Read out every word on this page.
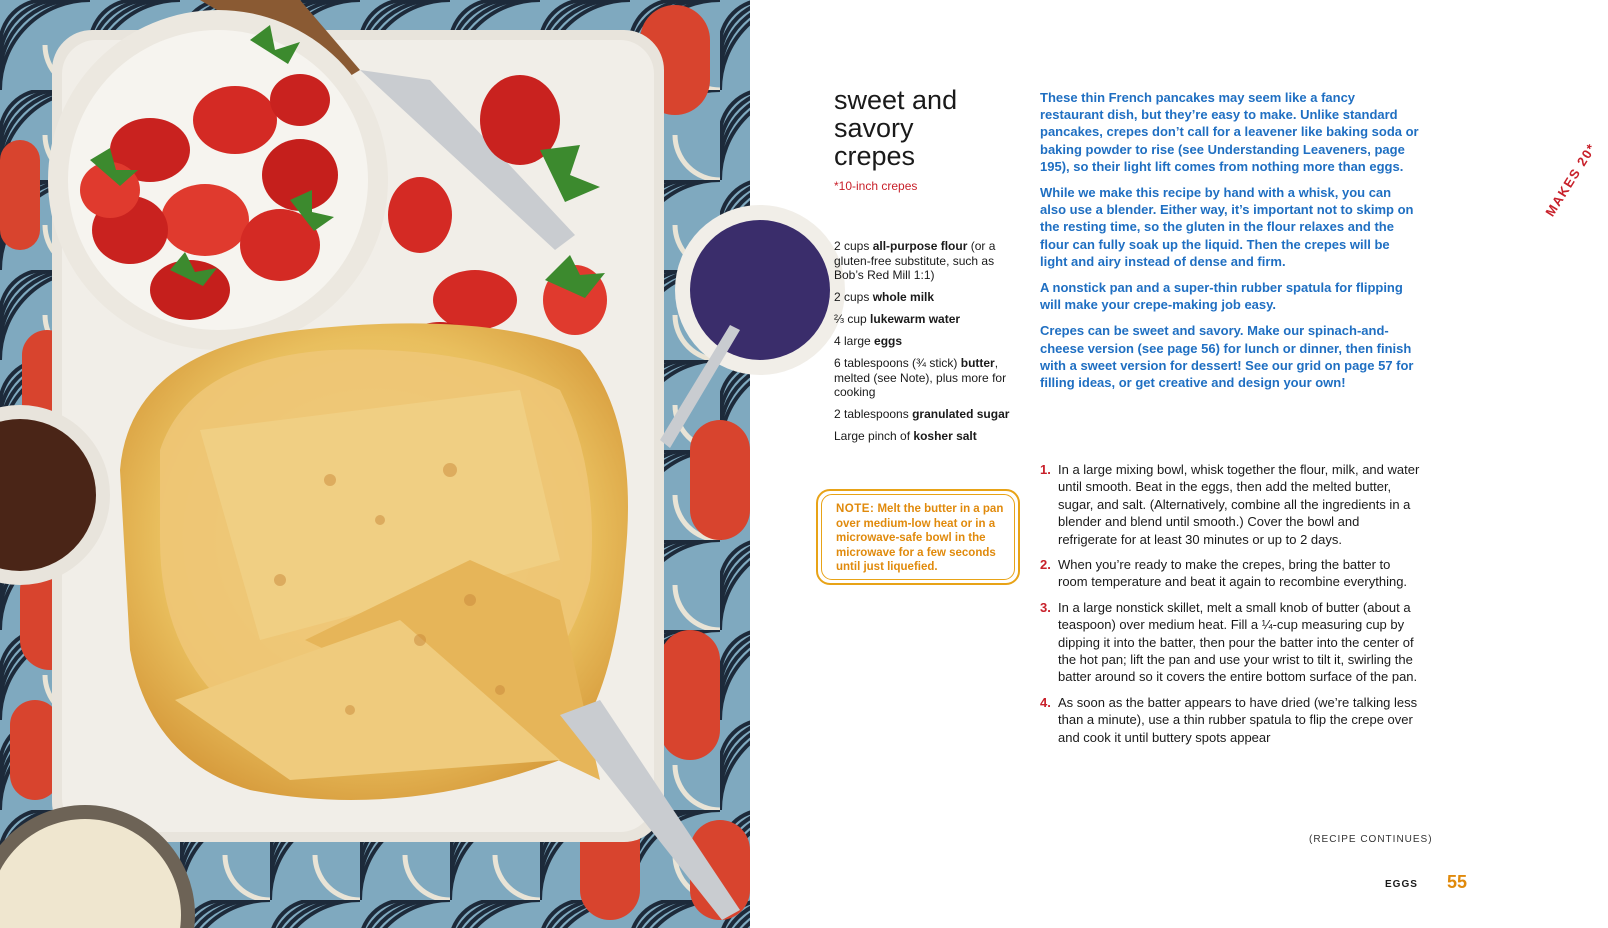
MAKES 20*
sweet and
savory
crepes
*10-inch crepes
2 cups all-purpose flour (or a gluten-free substitute, such as Bob’s Red Mill 1:1)
2 cups whole milk
⅔ cup lukewarm water
4 large eggs
6 tablespoons (¾ stick) butter, melted (see Note), plus more for cooking
2 tablespoons granulated sugar
Large pinch of kosher salt
NOTE: Melt the butter in a pan over medium-low heat or in a microwave-safe bowl in the microwave for a few seconds until just liquefied.

These thin French pancakes may seem like a fancy restaurant dish, but they’re easy to make. Unlike standard pancakes, crepes don’t call for a leavener like baking soda or baking powder to rise (see Understanding Leaveners, page 195), so their light lift comes from nothing more than eggs.

While we make this recipe by hand with a whisk, you can also use a blender. Either way, it’s important not to skimp on the resting time, so the gluten in the flour relaxes and the flour can fully soak up the liquid. Then the crepes will be light and airy instead of dense and firm.

A nonstick pan and a super-thin rubber spatula for flipping will make your crepe-making job easy.

Crepes can be sweet and savory. Make our spinach-and-cheese version (see page 56) for lunch or dinner, then finish with a sweet version for dessert! See our grid on page 57 for filling ideas, or get creative and design your own!

1. In a large mixing bowl, whisk together the flour, milk, and water until smooth. Beat in the eggs, then add the melted butter, sugar, and salt. (Alternatively, combine all the ingredients in a blender and blend until smooth.) Cover the bowl and refrigerate for at least 30 minutes or up to 2 days.
2. When you’re ready to make the crepes, bring the batter to room temperature and beat it again to recombine everything.
3. In a large nonstick skillet, melt a small knob of butter (about a teaspoon) over medium heat. Fill a ¼-cup measuring cup by dipping it into the batter, then pour the batter into the center of the hot pan; lift the pan and use your wrist to tilt it, swirling the batter around so it covers the entire bottom surface of the pan.
4. As soon as the batter appears to have dried (we’re talking less than a minute), use a thin rubber spatula to flip the crepe over and cook it until buttery spots appear
(RECIPE CONTINUES)
EGGS 55
